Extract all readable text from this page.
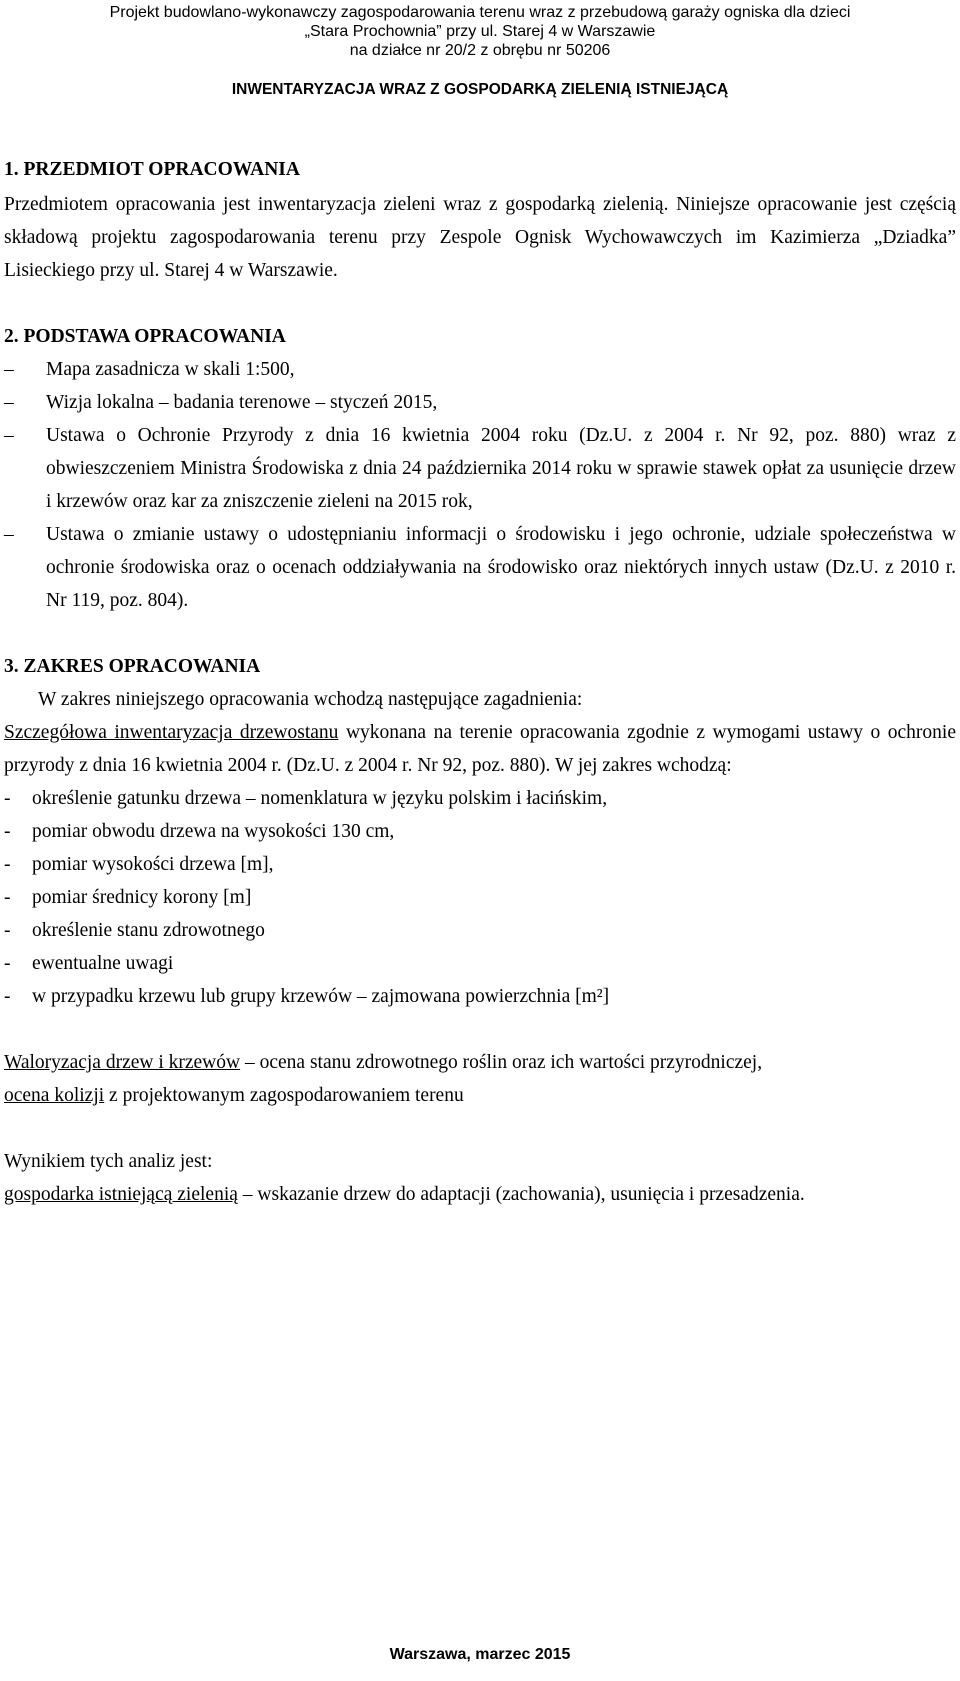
Projekt budowlano-wykonawczy zagospodarowania terenu wraz z przebudową garaży ogniska dla dzieci
„Stara Prochownia” przy ul. Starej 4 w Warszawie
na działce nr 20/2 z obrębu nr 50206
INWENTARYZACJA WRAZ Z GOSPODARKĄ ZIELENIĄ ISTNIEJĄCĄ

1. PRZEDMIOT OPRACOWANIA

Przedmiotem opracowania jest inwentaryzacja zieleni wraz z gospodarką zielenią. Niniejsze opracowanie jest częścią składową projektu zagospodarowania terenu przy Zespole Ognisk Wychowawczych im Kazimierza „Dziadka” Lisieckiego przy ul. Starej 4 w Warszawie.

2. PODSTAWA OPRACOWANIA

–	Mapa zasadnicza w skali 1:500,
–	Wizja lokalna – badania terenowe – styczeń 2015,
–	Ustawa o Ochronie Przyrody z dnia 16 kwietnia 2004 roku (Dz.U. z 2004 r. Nr 92, poz. 880) wraz z obwieszczeniem Ministra Środowiska z dnia 24 października 2014 roku w sprawie stawek opłat za usunięcie drzew i krzewów oraz kar za zniszczenie zieleni na 2015 rok,
–	Ustawa o zmianie ustawy o udostępnianiu informacji o środowisku i jego ochronie, udziale społeczeństwa w ochronie środowiska oraz o ocenach oddziaływania na środowisko oraz niektórych innych ustaw (Dz.U. z 2010 r. Nr 119, poz. 804).

3. ZAKRES OPRACOWANIA

W zakres niniejszego opracowania wchodzą następujące zagadnienia:

Szczegółowa inwentaryzacja drzewostanu wykonana na terenie opracowania zgodnie z wymogami ustawy o ochronie przyrody z dnia 16 kwietnia 2004 r. (Dz.U. z 2004 r. Nr 92, poz. 880). W jej zakres wchodzą:

- określenie gatunku drzewa – nomenklatura w języku polskim i łacińskim,
- pomiar obwodu drzewa na wysokości 130 cm,
- pomiar wysokości drzewa [m],
- pomiar średnicy korony [m]
- określenie stanu zdrowotnego
- ewentualne uwagi
- w przypadku krzewu lub grupy krzewów – zajmowana powierzchnia [m²]

Waloryzacja drzew i krzewów – ocena stanu zdrowotnego roślin oraz ich wartości przyrodniczej,

ocena kolizji z projektowanym zagospodarowaniem terenu

Wynikiem tych analiz jest:

gospodarka istniejącą zielenią – wskazanie drzew do adaptacji (zachowania), usunięcia i przesadzenia.

Warszawa, marzec 2015
